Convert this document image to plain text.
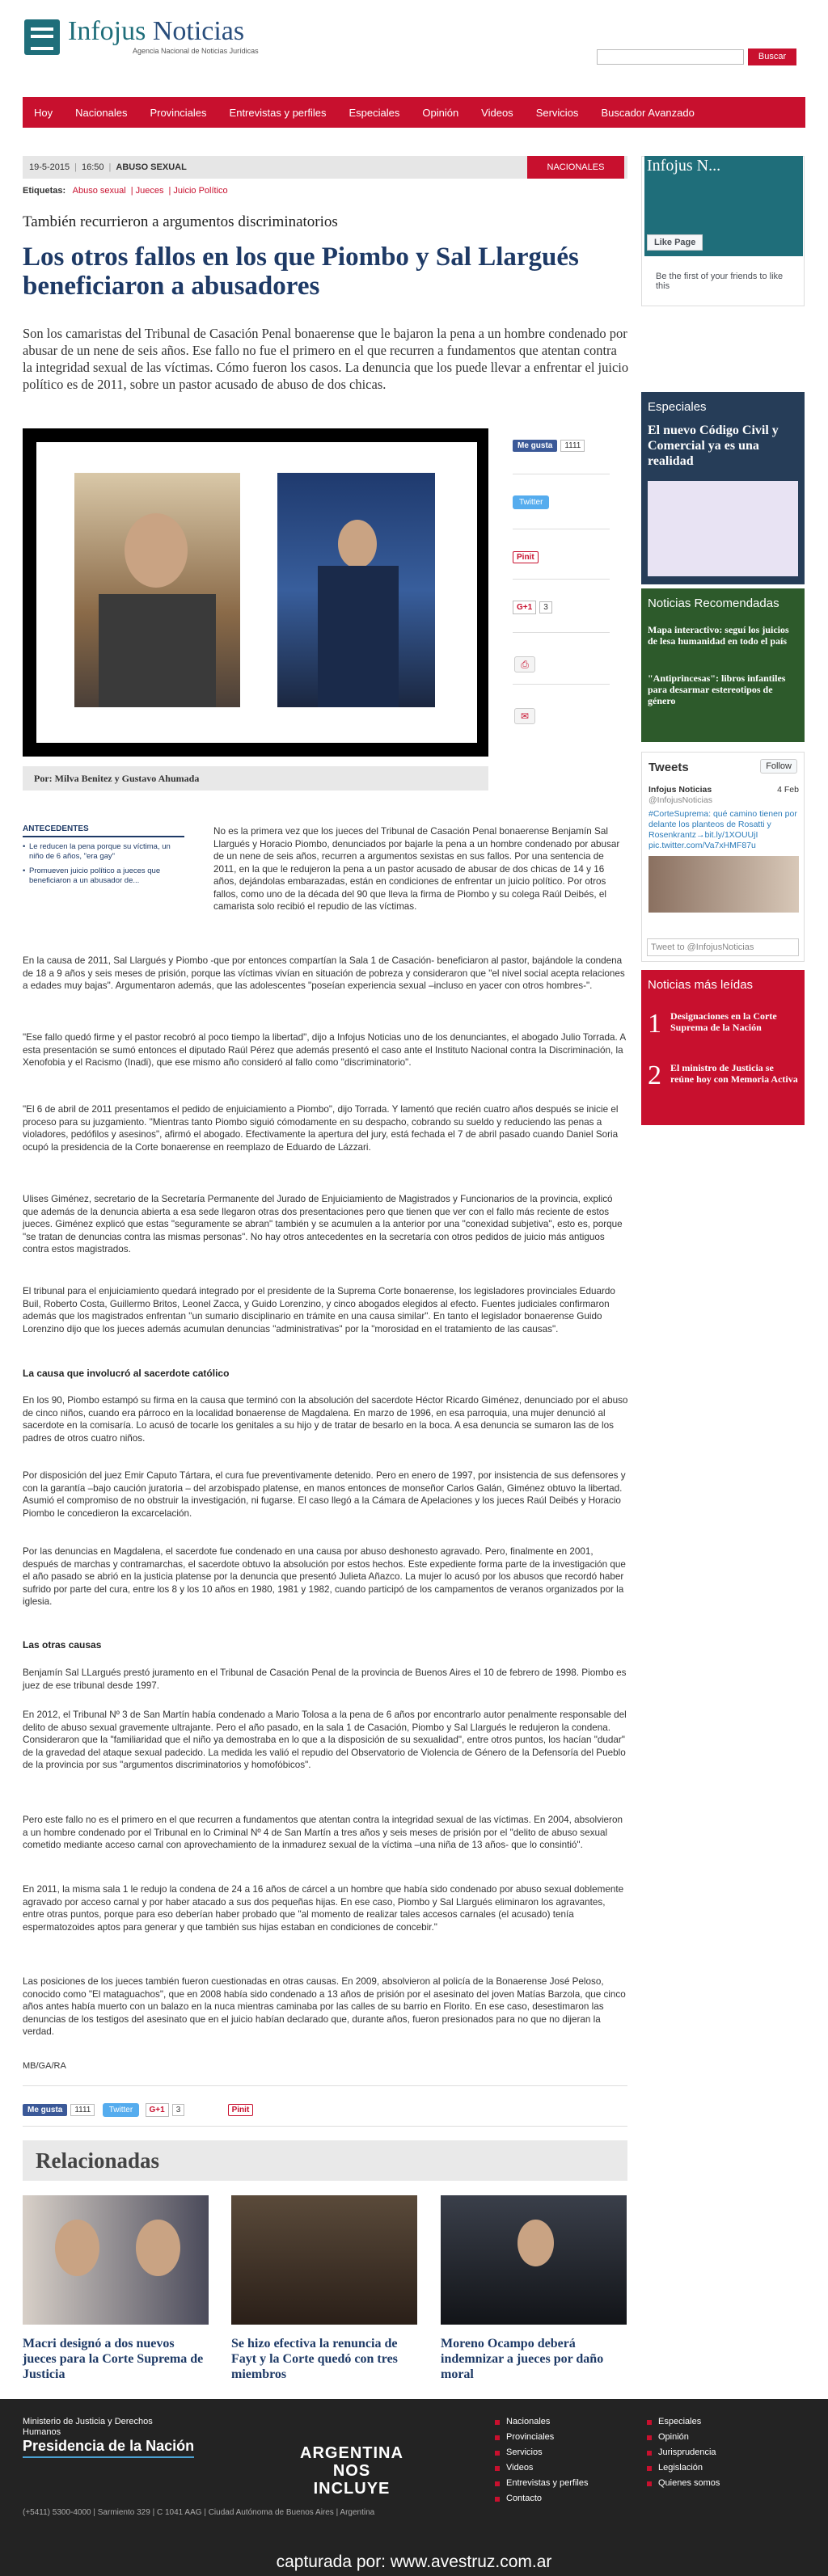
Infojus Noticias
Agencia Nacional de Noticias Jurídicas
Buscar
Hoy Nacionales Provinciales Entrevistas y perfiles Especiales Opinión Videos Servicios Buscador Avanzado
19-5-2015 | 16:50 | ABUSO SEXUAL	NACIONALES
Etiquetas: Abuso sexual | Jueces | Juicio Político
También recurrieron a argumentos discriminatorios
Los otros fallos en los que Piombo y Sal Llargués beneficiaron a abusadores

Son los camaristas del Tribunal de Casación Penal bonaerense que le bajaron la pena a un hombre condenado por abusar de un nene de seis años. Ese fallo no fue el primero en el que recurren a fundamentos que atentan contra la integridad sexual de las víctimas. Cómo fueron los casos. La denuncia que los puede llevar a enfrentar el juicio político es de 2011, sobre un pastor acusado de abuso de dos chicas.

Por: Milva Benitez y Gustavo Ahumada
Me gusta 1111
Twitter
Pinit
G+1 3
⎙
✉
ANTECEDENTES
• Le reducen la pena porque su víctima, un niño de 6 años, "era gay"
• Promueven juicio político a jueces que beneficiaron a un abusador de...

No es la primera vez que los jueces del Tribunal de Casación Penal bonaerense Benjamín Sal Llargués y Horacio Piombo, denunciados por bajarle la pena a un hombre condenado por abusar de un nene de seis años, recurren a argumentos sexistas en sus fallos. Por una sentencia de 2011, en la que le redujeron la pena a un pastor acusado de abusar de dos chicas de 14 y 16 años, dejándolas embarazadas, están en condiciones de enfrentar un juicio político. Por otros fallos, como uno de la década del 90 que lleva la firma de Piombo y su colega Raúl Deibés, el camarista solo recibió el repudio de las víctimas.

En la causa de 2011, Sal Llargués y Piombo -que por entonces compartían la Sala 1 de Casación- beneficiaron al pastor, bajándole la condena de 18 a 9 años y seis meses de prisión, porque las víctimas vivían en situación de pobreza y consideraron que "el nivel social acepta relaciones a edades muy bajas". Argumentaron además, que las adolescentes "poseían experiencia sexual –incluso en yacer con otros hombres-".

"Ese fallo quedó firme y el pastor recobró al poco tiempo la libertad", dijo a Infojus Noticias uno de los denunciantes, el abogado Julio Torrada. A esta presentación se sumó entonces el diputado Raúl Pérez que además presentó el caso ante el Instituto Nacional contra la Discriminación, la Xenofobia y el Racismo (Inadi), que ese mismo año consideró al fallo como "discriminatorio".

"El 6 de abril de 2011 presentamos el pedido de enjuiciamiento a Piombo", dijo Torrada. Y lamentó que recién cuatro años después se inicie el proceso para su juzgamiento. "Mientras tanto Piombo siguió cómodamente en su despacho, cobrando su sueldo y reduciendo las penas a violadores, pedófilos y asesinos", afirmó el abogado. Efectivamente la apertura del jury, está fechada el 7 de abril pasado cuando Daniel Soria ocupó la presidencia de la Corte bonaerense en reemplazo de Eduardo de Lázzari.

Ulises Giménez, secretario de la Secretaría Permanente del Jurado de Enjuiciamiento de Magistrados y Funcionarios de la provincia, explicó que además de la denuncia abierta a esa sede llegaron otras dos presentaciones pero que tienen que ver con el fallo más reciente de estos jueces. Giménez explicó que estas "seguramente se abran" también y se acumulen a la anterior por una "conexidad subjetiva", esto es, porque "se tratan de denuncias contra las mismas personas". No hay otros antecedentes en la secretaría con otros pedidos de juicio más antiguos contra estos magistrados.

El tribunal para el enjuiciamiento quedará integrado por el presidente de la Suprema Corte bonaerense, los legisladores provinciales Eduardo Buil, Roberto Costa, Guillermo Britos, Leonel Zacca, y Guido Lorenzino, y cinco abogados elegidos al efecto. Fuentes judiciales confirmaron además que los magistrados enfrentan "un sumario disciplinario en trámite en una causa similar". En tanto el legislador bonaerense Guido Lorenzino dijo que los jueces además acumulan denuncias "administrativas" por la "morosidad en el tratamiento de las causas".

La causa que involucró al sacerdote católico

En los 90, Piombo estampó su firma en la causa que terminó con la absolución del sacerdote Héctor Ricardo Giménez, denunciado por el abuso de cinco niños, cuando era párroco en la localidad bonaerense de Magdalena. En marzo de 1996, en esa parroquia, una mujer denunció al sacerdote en la comisaría. Lo acusó de tocarle los genitales a su hijo y de tratar de besarlo en la boca. A esa denuncia se sumaron las de los padres de otros cuatro niños.

Por disposición del juez Emir Caputo Tártara, el cura fue preventivamente detenido. Pero en enero de 1997, por insistencia de sus defensores y con la garantía –bajo caución juratoria – del arzobispado platense, en manos entonces de monseñor Carlos Galán, Giménez obtuvo la libertad. Asumió el compromiso de no obstruir la investigación, ni fugarse. El caso llegó a la Cámara de Apelaciones y los jueces Raúl Deibés y Horacio Piombo le concedieron la excarcelación.

Por las denuncias en Magdalena, el sacerdote fue condenado en una causa por abuso deshonesto agravado. Pero, finalmente en 2001, después de marchas y contramarchas, el sacerdote obtuvo la absolución por estos hechos. Este expediente forma parte de la investigación que el año pasado se abrió en la justicia platense por la denuncia que presentó Julieta Añazco. La mujer lo acusó por los abusos que recordó haber sufrido por parte del cura, entre los 8 y los 10 años en 1980, 1981 y 1982, cuando participó de los campamentos de veranos organizados por la iglesia.

Las otras causas

Benjamín Sal LLargués prestó juramento en el Tribunal de Casación Penal de la provincia de Buenos Aires el 10 de febrero de 1998. Piombo es juez de ese tribunal desde 1997.

En 2012, el Tribunal Nº 3 de San Martín había condenado a Mario Tolosa a la pena de 6 años por encontrarlo autor penalmente responsable del delito de abuso sexual gravemente ultrajante. Pero el año pasado, en la sala 1 de Casación, Piombo y Sal Llargués le redujeron la condena. Consideraron que la "familiaridad que el niño ya demostraba en lo que a la disposición de su sexualidad", entre otros puntos, los hacían "dudar" de la gravedad del ataque sexual padecido. La medida les valió el repudio del Observatorio de Violencia de Género de la Defensoría del Pueblo de la provincia por sus "argumentos discriminatorios y homofóbicos".

Pero este fallo no es el primero en el que recurren a fundamentos que atentan contra la integridad sexual de las víctimas. En 2004, absolvieron a un hombre condenado por el Tribunal en lo Criminal Nº 4 de San Martín a tres años y seis meses de prisión por el "delito de abuso sexual cometido mediante acceso carnal con aprovechamiento de la inmadurez sexual de la víctima –una niña de 13 años- que lo consintió".

En 2011, la misma sala 1 le redujo la condena de 24 a 16 años de cárcel a un hombre que había sido condenado por abuso sexual doblemente agravado por acceso carnal y por haber atacado a sus dos pequeñas hijas. En ese caso, Piombo y Sal Llargués eliminaron los agravantes, entre otras puntos, porque para eso deberían haber probado que "al momento de realizar tales accesos carnales (el acusado) tenía espermatozoides aptos para generar y que también sus hijas estaban en condiciones de concebir."

Las posiciones de los jueces también fueron cuestionadas en otras causas. En 2009, absolvieron al policía de la Bonaerense José Peloso, conocido como "El mataguachos", que en 2008 había sido condenado a 13 años de prisión por el asesinato del joven Matías Barzola, que cinco años antes había muerto con un balazo en la nuca mientras caminaba por las calles de su barrio en Florito. En ese caso, desestimaron las denuncias de los testigos del asesinato que en el juicio habían declarado que, durante años, fueron presionados para no que no dijeran la verdad.

MB/GA/RA
Me gusta 1111 Twitter G+1 3	Pinit
Relacionadas
Macri designó a dos nuevos jueces para la Corte Suprema de Justicia
Se hizo efectiva la renuncia de Fayt y la Corte quedó con tres miembros
Moreno Ocampo deberá indemnizar a jueces por daño moral
Infojus N...
Like Page
Be the first of your friends to like this
Especiales
El nuevo Código Civil y Comercial ya es una realidad
Noticias Recomendadas
Mapa interactivo: seguí los juicios de lesa humanidad en todo el país
"Antiprincesas": libros infantiles para desarmar estereotipos de género
Tweets	Follow
Infojus Noticias	4 Feb
@InfojusNoticias
#CorteSuprema: qué camino tienen por delante los planteos de Rosatti y Rosenkrantz→bit.ly/1XOUUjI pic.twitter.com/Va7xHMF87u
Tweet to @InfojusNoticias
Noticias más leídas
1 Designaciones en la Corte Suprema de la Nación
2 El ministro de Justicia se reúne hoy con Memoria Activa
Ministerio de Justicia y Derechos Humanos
Presidencia de la Nación	ARGENTINA NOS INCLUYE
(+5411) 5300-4000 | Sarmiento 329 | C 1041 AAG | Ciudad Autónoma de Buenos Aires | Argentina
Nacionales
Provinciales
Servicios
Videos
Entrevistas y perfiles
Contacto
Especiales
Opinión
Jurisprudencia
Legislación
Quienes somos
capturada por: www.avestruz.com.ar
